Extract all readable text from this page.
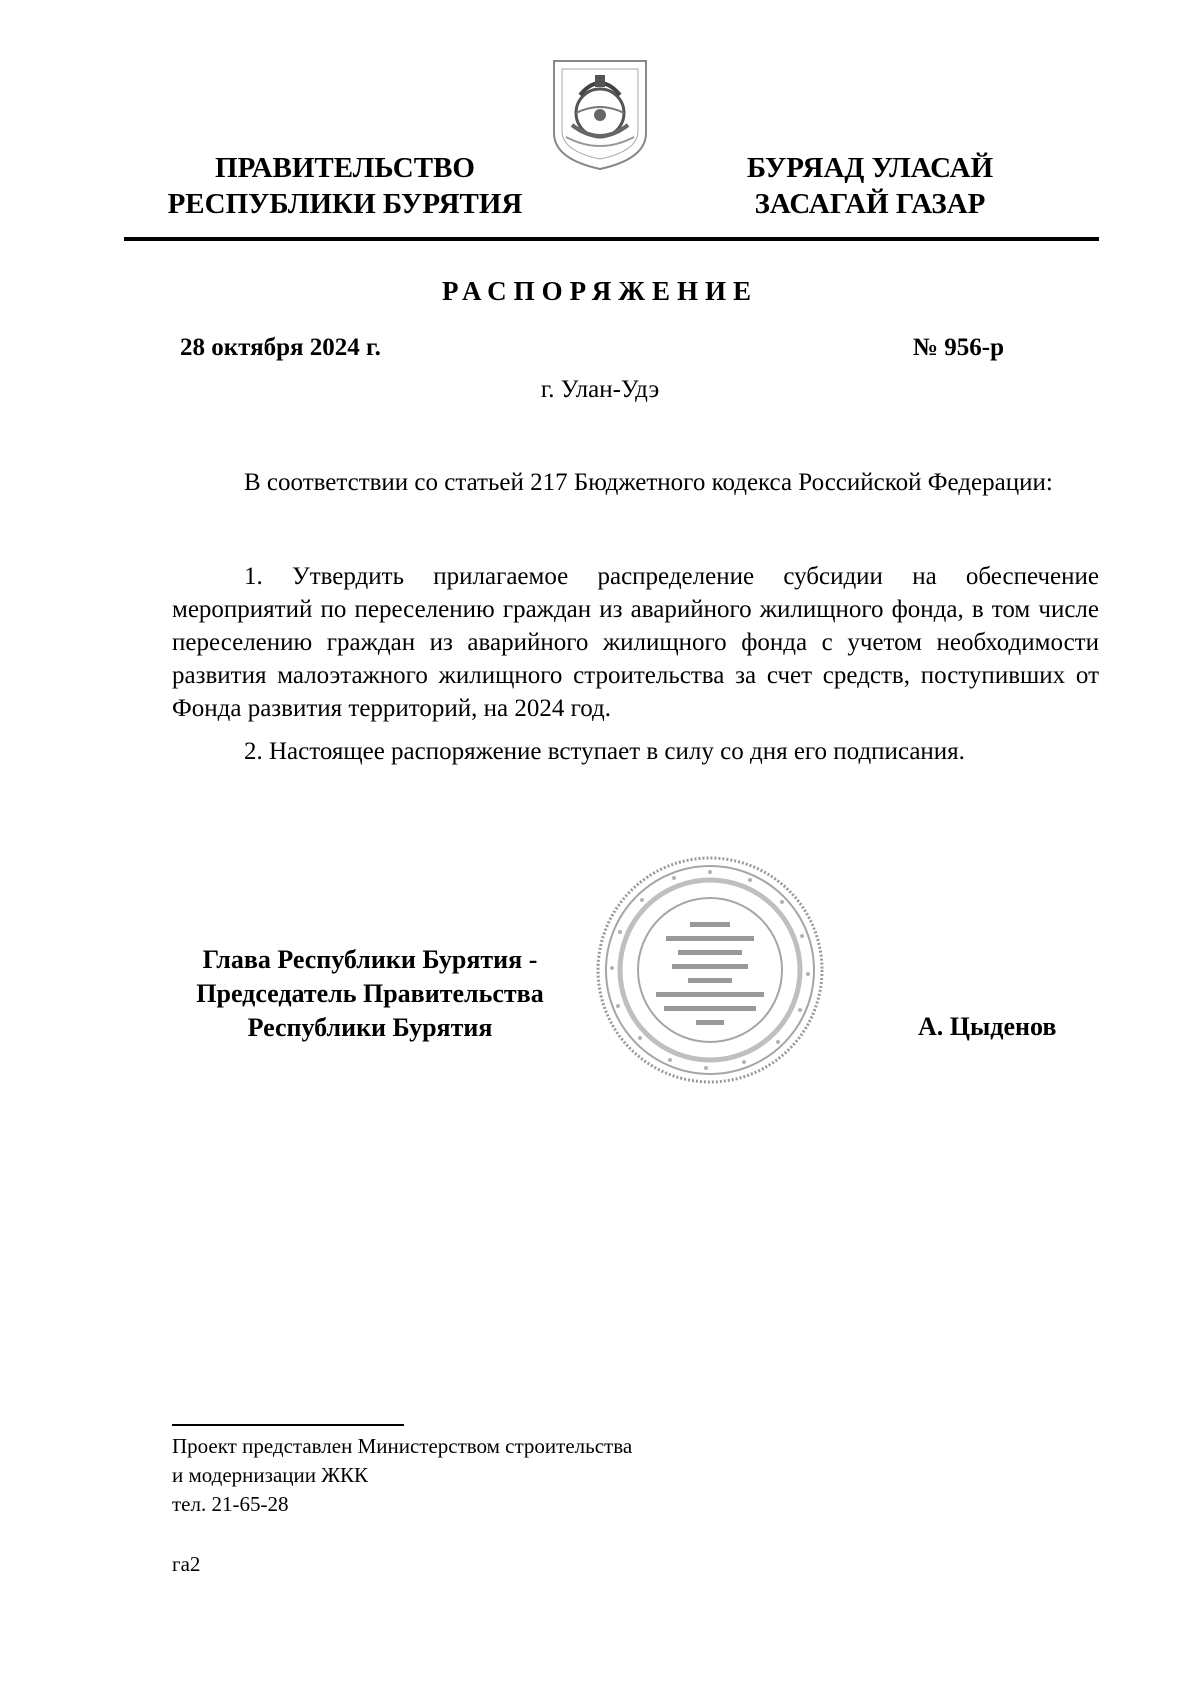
ПРАВИТЕЛЬСТВО
РЕСПУБЛИКИ БУРЯТИЯ
БУРЯАД УЛАСАЙ
ЗАСАГАЙ ГАЗАР
РАСПОРЯЖЕНИЕ
28 октября 2024 г.	№ 956-р
г. Улан-Удэ
В соответствии со статьей 217 Бюджетного кодекса Российской Федерации:
1. Утвердить прилагаемое распределение субсидии на обеспечение мероприятий по переселению граждан из аварийного жилищного фонда, в том числе переселению граждан из аварийного жилищного фонда с учетом необходимости развития малоэтажного жилищного строительства за счет средств, поступивших от Фонда развития территорий, на 2024 год.
2. Настоящее распоряжение вступает в силу со дня его подписания.
Глава Республики Бурятия -
Председатель Правительства
Республики Бурятия	А. Цыденов
Проект представлен Министерством строительства
и модернизации ЖКК
тел. 21-65-28
га2
